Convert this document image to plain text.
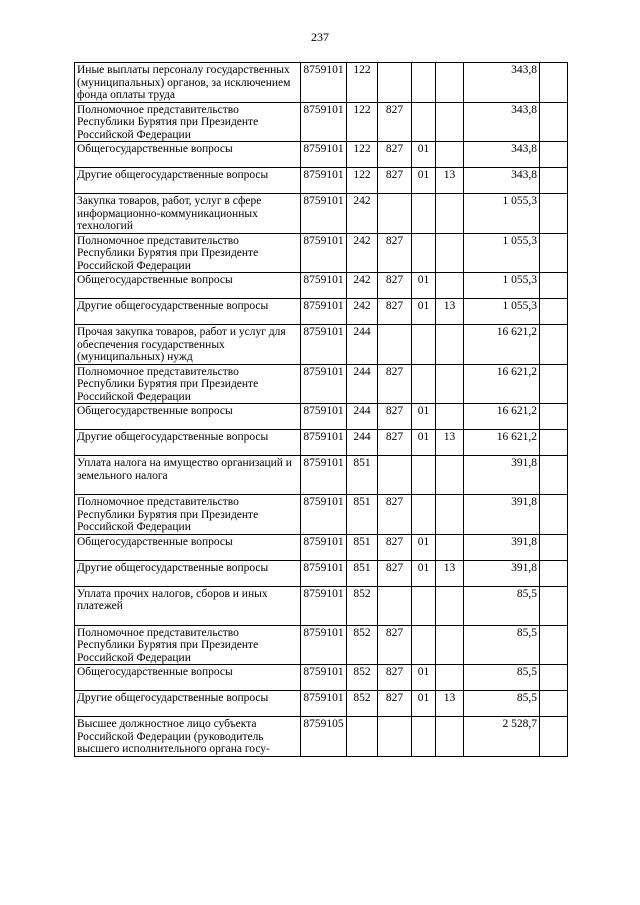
237
Иные выплаты персоналу государственных (муниципальных) органов, за исключением фонда оплаты труда	8759101	122				343,8	
Полномочное представительство Республики Бурятия при Президенте Российской Федерации	8759101	122	827			343,8	
Общегосударственные вопросы	8759101	122	827	01		343,8	
Другие общегосударственные вопросы	8759101	122	827	01	13	343,8	
Закупка товаров, работ, услуг в сфере информационно-коммуникационных технологий	8759101	242				1 055,3	
Полномочное представительство Республики Бурятия при Президенте Российской Федерации	8759101	242	827			1 055,3	
Общегосударственные вопросы	8759101	242	827	01		1 055,3	
Другие общегосударственные вопросы	8759101	242	827	01	13	1 055,3	
Прочая закупка товаров, работ и услуг для обеспечения государственных (муниципальных) нужд	8759101	244				16 621,2	
Полномочное представительство Республики Бурятия при Президенте Российской Федерации	8759101	244	827			16 621,2	
Общегосударственные вопросы	8759101	244	827	01		16 621,2	
Другие общегосударственные вопросы	8759101	244	827	01	13	16 621,2	
Уплата налога на имущество организаций и земельного налога	8759101	851				391,8	
Полномочное представительство Республики Бурятия при Президенте Российской Федерации	8759101	851	827			391,8	
Общегосударственные вопросы	8759101	851	827	01		391,8	
Другие общегосударственные вопросы	8759101	851	827	01	13	391,8	
Уплата прочих налогов, сборов и иных платежей	8759101	852				85,5	
Полномочное представительство Республики Бурятия при Президенте Российской Федерации	8759101	852	827			85,5	
Общегосударственные вопросы	8759101	852	827	01		85,5	
Другие общегосударственные вопросы	8759101	852	827	01	13	85,5	
Высшее должностное лицо субъекта Российской Федерации (руководитель высшего исполнительного органа госу-	8759105					2 528,7	
